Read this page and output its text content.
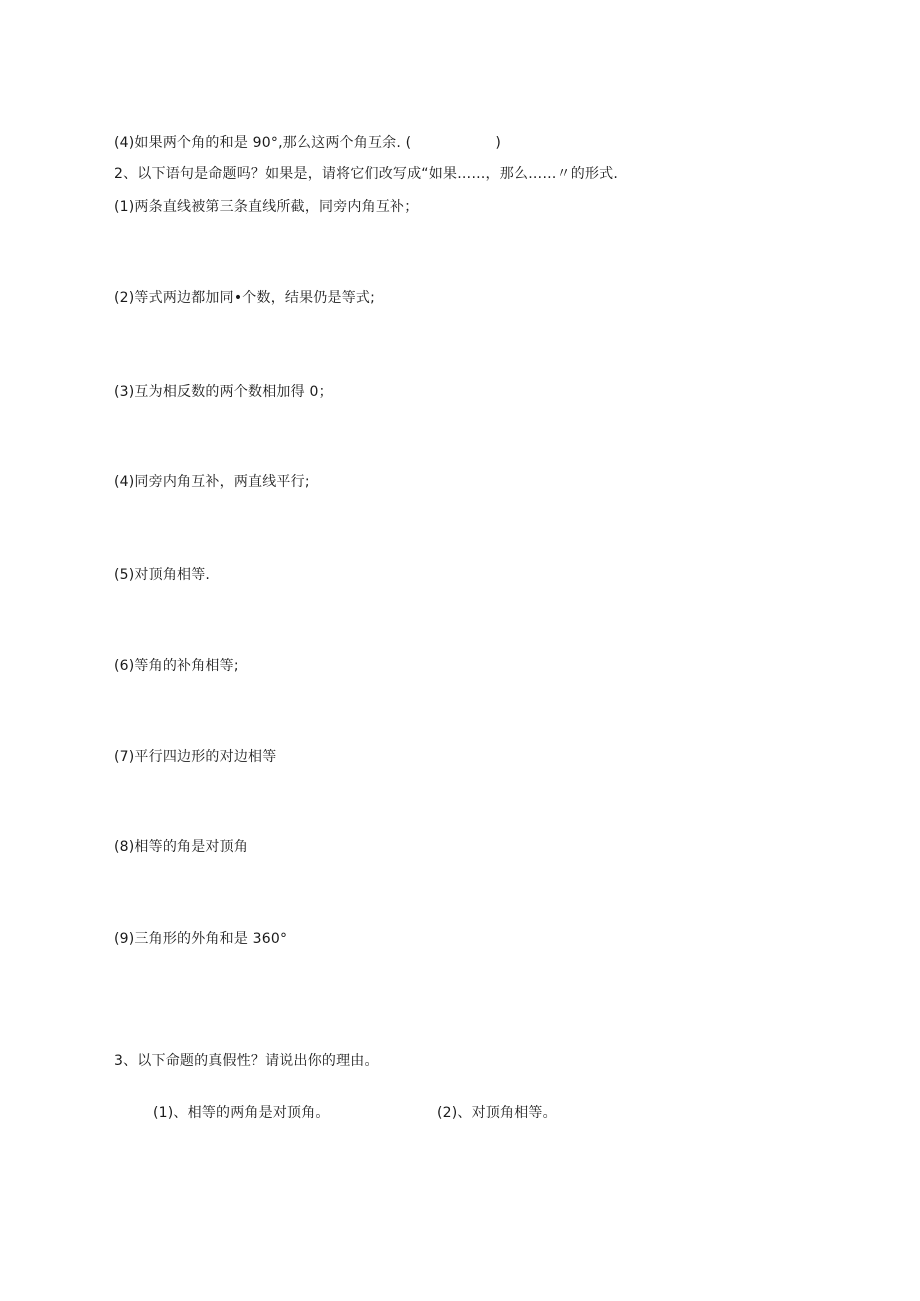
(4)如果两个角的和是 90°,那么这两个角互余. (	)
2、以下语句是命题吗？如果是，请将它们改写成“如果……，那么……〃的形式.
(1)两条直线被第三条直线所截，同旁内角互补；
(2)等式两边都加同•个数，结果仍是等式;
(3)互为相反数的两个数相加得 0；
(4)同旁内角互补，两直线平行;
(5)对顶角相等.
(6)等角的补角相等;
(7)平行四边形的对边相等
(8)相等的角是对顶角
(9)三角形的外角和是 360°
3、以下命题的真假性？请说出你的理由。
(1)、相等的两角是对顶角。	(2)、对顶角相等。
